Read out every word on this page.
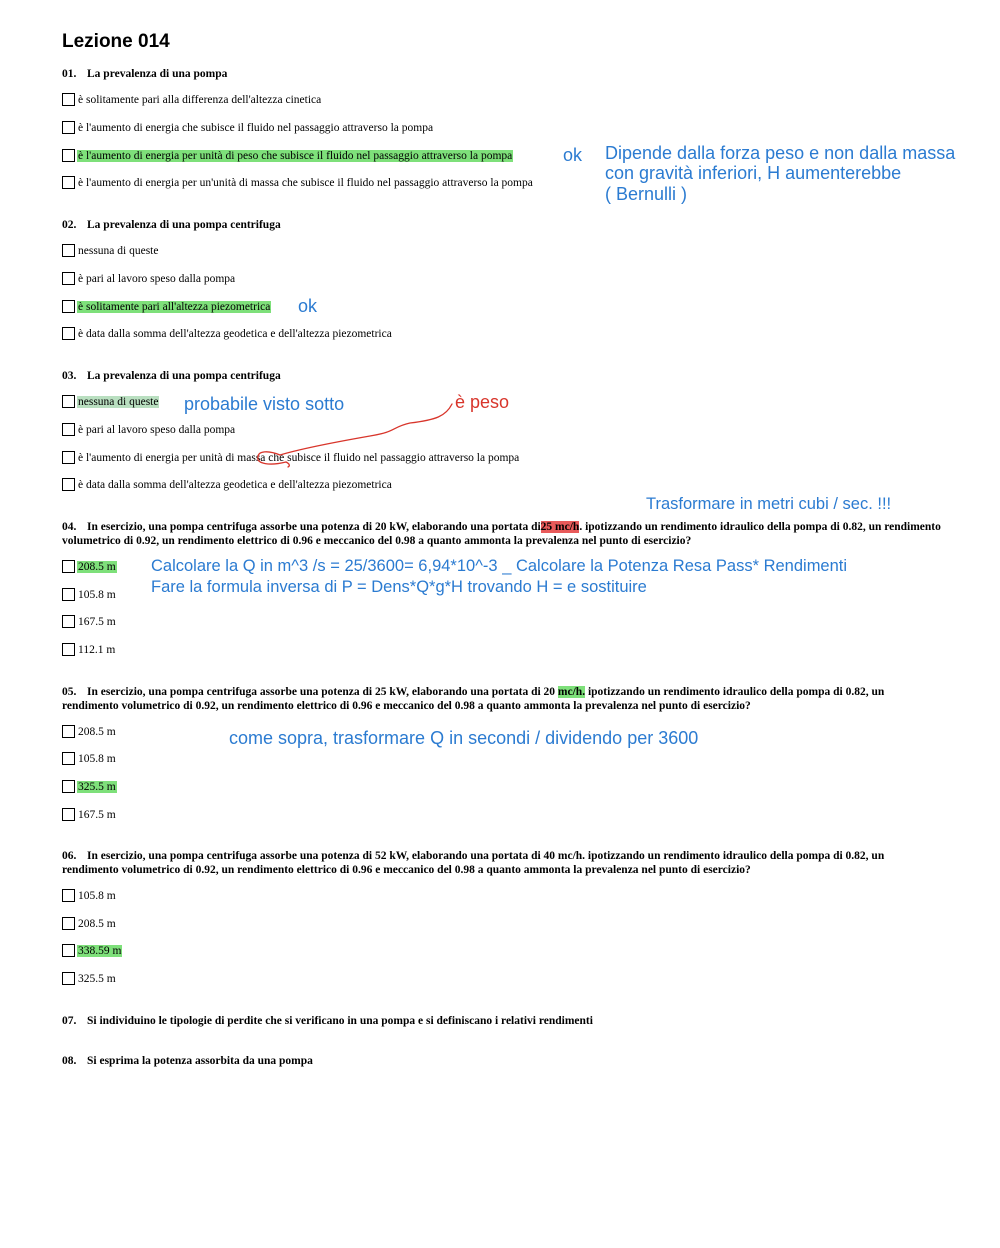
Lezione 014
01. La prevalenza di una pompa
è solitamente pari alla differenza dell'altezza cinetica
è l'aumento di energia che subisce il fluido nel passaggio attraverso la pompa
è l'aumento di energia per unità di peso che subisce il fluido nel passaggio attraverso la pompa
è l'aumento di energia per un'unità di massa che subisce il fluido nel passaggio attraverso la pompa
02. La prevalenza di una pompa centrifuga
nessuna di queste
è pari al lavoro speso dalla pompa
è solitamente pari all'altezza piezometrica
è data dalla somma dell'altezza geodetica e dell'altezza piezometrica
03. La prevalenza di una pompa centrifuga
nessuna di queste
è pari al lavoro speso dalla pompa
è l'aumento di energia per unità di massa che subisce il fluido nel passaggio attraverso la pompa
è data dalla somma dell'altezza geodetica e dell'altezza piezometrica
04. In esercizio, una pompa centrifuga assorbe una potenza di 20 kW, elaborando una portata di25 mc/h. ipotizzando un rendimento idraulico della pompa di 0.82, un rendimento volumetrico di 0.92, un rendimento elettrico di 0.96 e meccanico del 0.98 a quanto ammonta la prevalenza nel punto di esercizio?
208.5 m
105.8 m
167.5 m
112.1 m
05. In esercizio, una pompa centrifuga assorbe una potenza di 25 kW, elaborando una portata di 20 mc/h. ipotizzando un rendimento idraulico della pompa di 0.82, un rendimento volumetrico di 0.92, un rendimento elettrico di 0.96 e meccanico del 0.98 a quanto ammonta la prevalenza nel punto di esercizio?
208.5 m
105.8 m
325.5 m
167.5 m
06. In esercizio, una pompa centrifuga assorbe una potenza di 52 kW, elaborando una portata di 40 mc/h. ipotizzando un rendimento idraulico della pompa di 0.82, un rendimento volumetrico di 0.92, un rendimento elettrico di 0.96 e meccanico del 0.98 a quanto ammonta la prevalenza nel punto di esercizio?
105.8 m
208.5 m
338.59 m
325.5 m
07. Si individuino le tipologie di perdite che si verificano in una pompa e si definiscano i relativi rendimenti
08. Si esprima la potenza assorbita da una pompa
ok Dipende dalla forza peso e non dalla massa
con gravità inferiori, H aumenterebbe
( Bernulli )
ok
probabile visto sotto	è peso
Trasformare in metri cubi / sec. !!!
Calcolare la Q in m^3 /s = 25/3600= 6,94*10^-3 _ Calcolare la Potenza Resa Pass* Rendimenti
Fare la formula inversa di P = Dens*Q*g*H trovando H = e sostituire
come sopra, trasformare Q in secondi / dividendo per 3600
